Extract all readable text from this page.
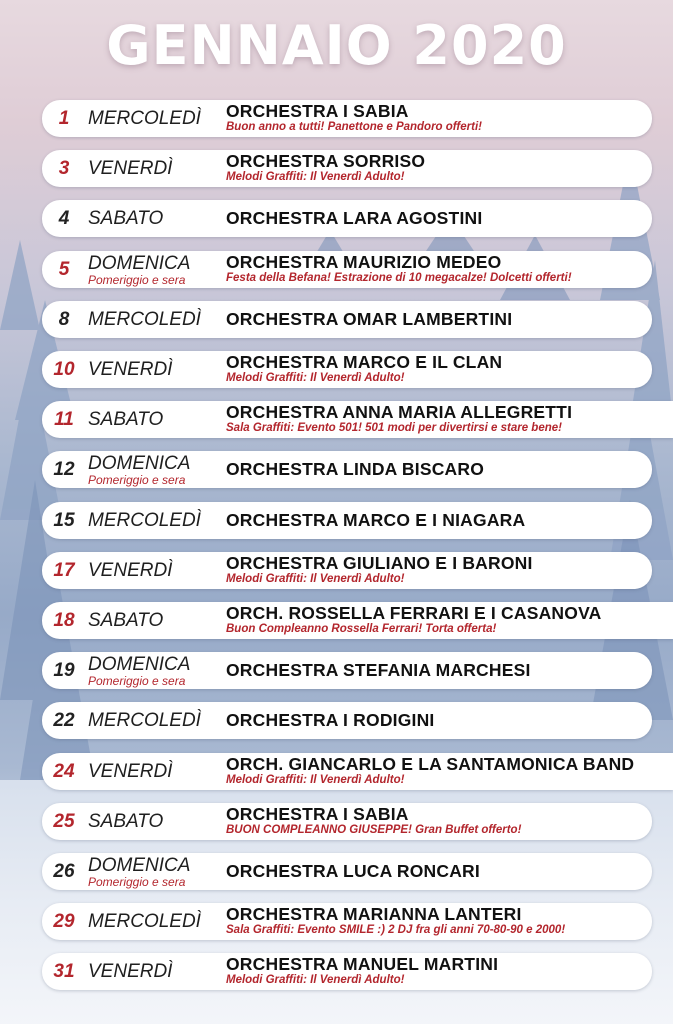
GENNAIO 2020
1 MERCOLEDÌ ORCHESTRA I SABIA
Buon anno a tutti! Panettone e Pandoro offerti!
3 VENERDÌ	ORCHESTRA SORRISO
Melodi Graffiti: Il Venerdì Adulto!
4 SABATO	ORCHESTRA LARA AGOSTINI
5 DOMENICA
Pomeriggio e sera
ORCHESTRA MAURIZIO MEDEO
Festa della Befana! Estrazione di 10 megacalze! Dolcetti offerti!
8 MERCOLEDÌ ORCHESTRA OMAR LAMBERTINI
10 VENERDÌ	ORCHESTRA MARCO E IL CLAN
Melodi Graffiti: Il Venerdì Adulto!
11 SABATO	ORCHESTRA ANNA MARIA ALLEGRETTI
Sala Graffiti: Evento 501! 501 modi per divertirsi e stare bene!
12 DOMENICA
Pomeriggio e sera
ORCHESTRA LINDA BISCARO
15 MERCOLEDÌ ORCHESTRA MARCO E I NIAGARA
17 VENERDÌ	ORCHESTRA GIULIANO E I BARONI
Melodi Graffiti: Il Venerdì Adulto!
18 SABATO	ORCH. ROSSELLA FERRARI E I CASANOVA
Buon Compleanno Rossella Ferrari! Torta offerta!
19 DOMENICA
Pomeriggio e sera
ORCHESTRA STEFANIA MARCHESI
22 MERCOLEDÌ ORCHESTRA I RODIGINI
24 VENERDÌ	ORCH. GIANCARLO E LA SANTAMONICA BAND
Melodi Graffiti: Il Venerdì Adulto!
25 SABATO	ORCHESTRA I SABIA
BUON COMPLEANNO GIUSEPPE! Gran Buffet offerto!
26 DOMENICA
Pomeriggio e sera
ORCHESTRA LUCA RONCARI
29 MERCOLEDÌ ORCHESTRA MARIANNA LANTERI
Sala Graffiti: Evento SMILE :) 2 DJ fra gli anni 70-80-90 e 2000!
31 VENERDÌ	ORCHESTRA MANUEL MARTINI
Melodi Graffiti: Il Venerdì Adulto!
